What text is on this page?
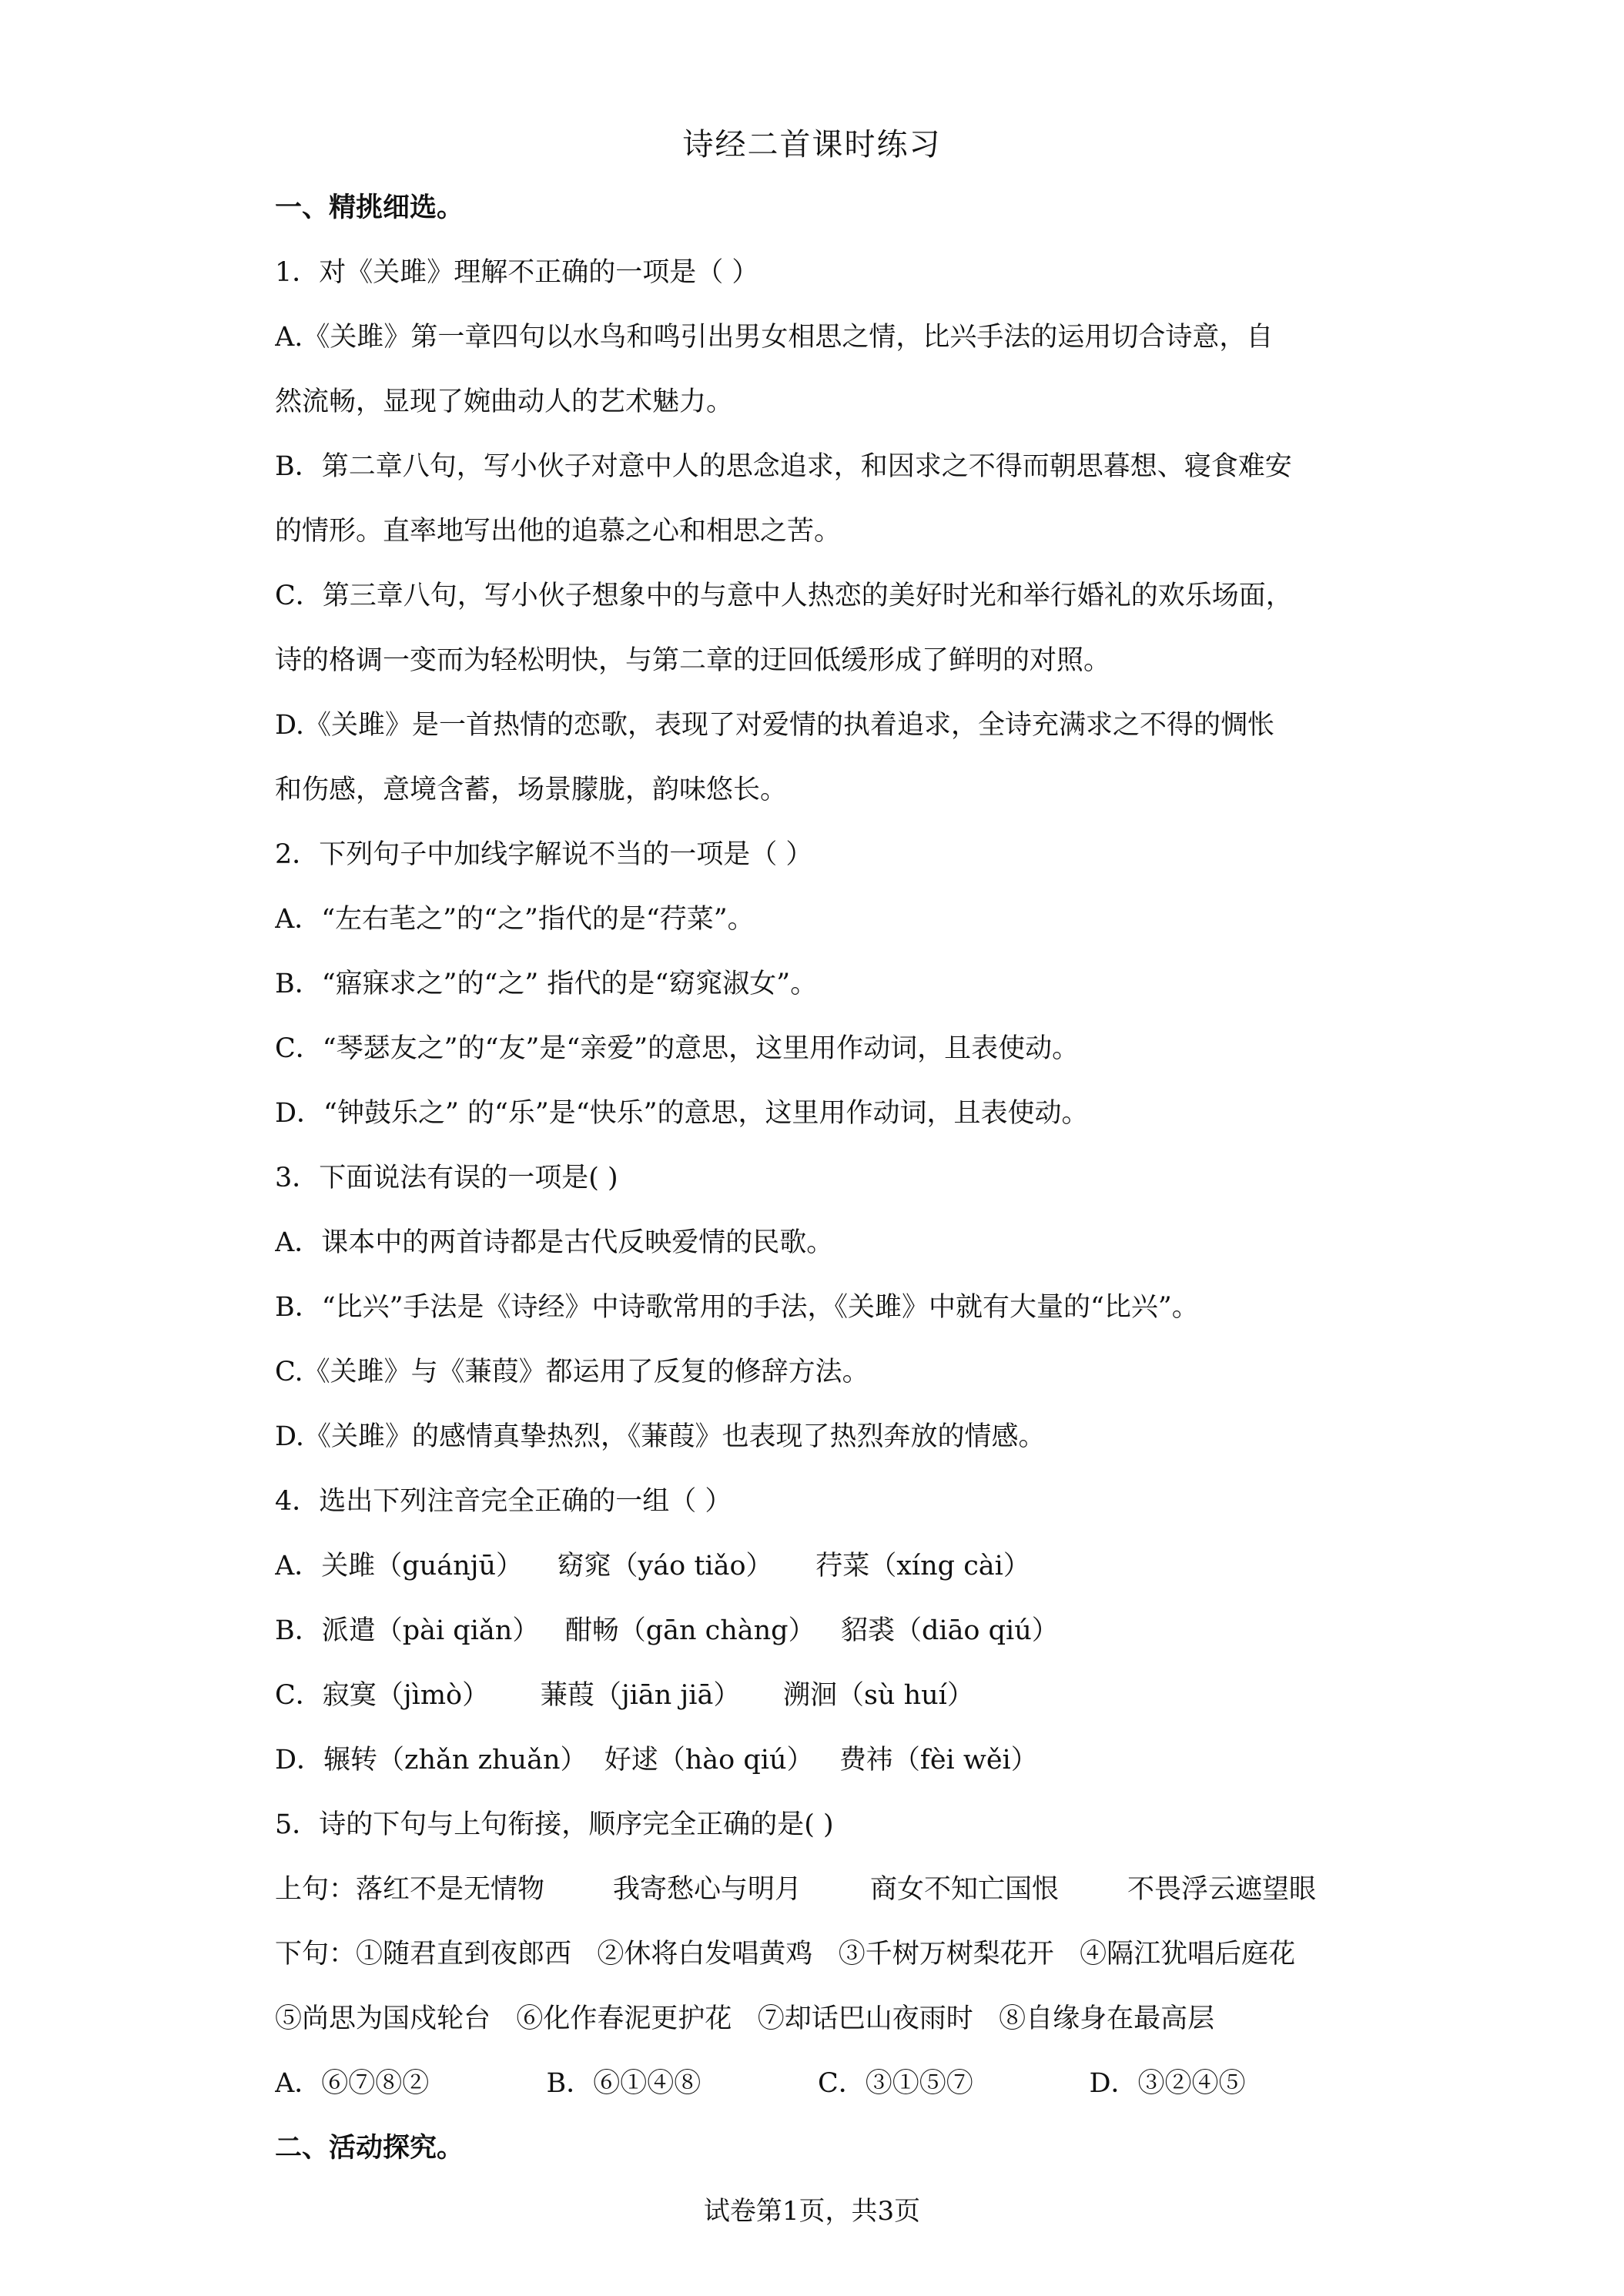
诗经二首课时练习
一、精挑细选。
1．对《关雎》理解不正确的一项是（ ）
A.《关雎》第一章四句以水鸟和鸣引出男女相思之情，比兴手法的运用切合诗意，自
然流畅，显现了婉曲动人的艺术魅力。
B．第二章八句，写小伙子对意中人的思念追求，和因求之不得而朝思暮想、寝食难安
的情形。直率地写出他的追慕之心和相思之苦。
C．第三章八句，写小伙子想象中的与意中人热恋的美好时光和举行婚礼的欢乐场面，
诗的格调一变而为轻松明快，与第二章的迂回低缓形成了鲜明的对照。
D.《关雎》是一首热情的恋歌，表现了对爱情的执着追求，全诗充满求之不得的惆怅
和伤感，意境含蓄，场景朦胧，韵味悠长。
2．下列句子中加线字解说不当的一项是（ ）
A．“左右芼之”的“之”指代的是“荇菜”。
B．“寤寐求之”的“之” 指代的是“窈窕淑女”。
C．“琴瑟友之”的“友”是“亲爱”的意思，这里用作动词，且表使动。
D．“钟鼓乐之” 的“乐”是“快乐”的意思，这里用作动词，且表使动。
3．下面说法有误的一项是( )
A．课本中的两首诗都是古代反映爱情的民歌。
B．“比兴”手法是《诗经》中诗歌常用的手法，《关雎》中就有大量的“比兴”。
C.《关雎》与《蒹葭》都运用了反复的修辞方法。
D.《关雎》的感情真挚热烈，《蒹葭》也表现了热烈奔放的情感。
4．选出下列注音完全正确的一组（ ）
A．关雎（guánjū）    窈窕（yáo tiǎo）     荇菜（xíng cài）
B．派遣（pài qiǎn）   酣畅（gān chàng）   貂裘（diāo qiú）
C．寂寞（jìmò）      蒹葭（jiān jiā）     溯洄（sù huí）
D．辗转（zhǎn zhuǎn）  好逑（hào qiú）   费祎（fèi wěi）
5．诗的下句与上句衔接，顺序完全正确的是( )
上句：落红不是无情物        我寄愁心与明月        商女不知亡国恨        不畏浮云遮望眼
下句：①随君直到夜郎西   ②休将白发唱黄鸡   ③千树万树梨花开   ④隔江犹唱后庭花
⑤尚思为国戍轮台   ⑥化作春泥更护花   ⑦却话巴山夜雨时   ⑧自缘身在最高层
A．⑥⑦⑧②	B．⑥①④⑧	C．③①⑤⑦	D．③②④⑤
二、活动探究。
试卷第1页，共3页
